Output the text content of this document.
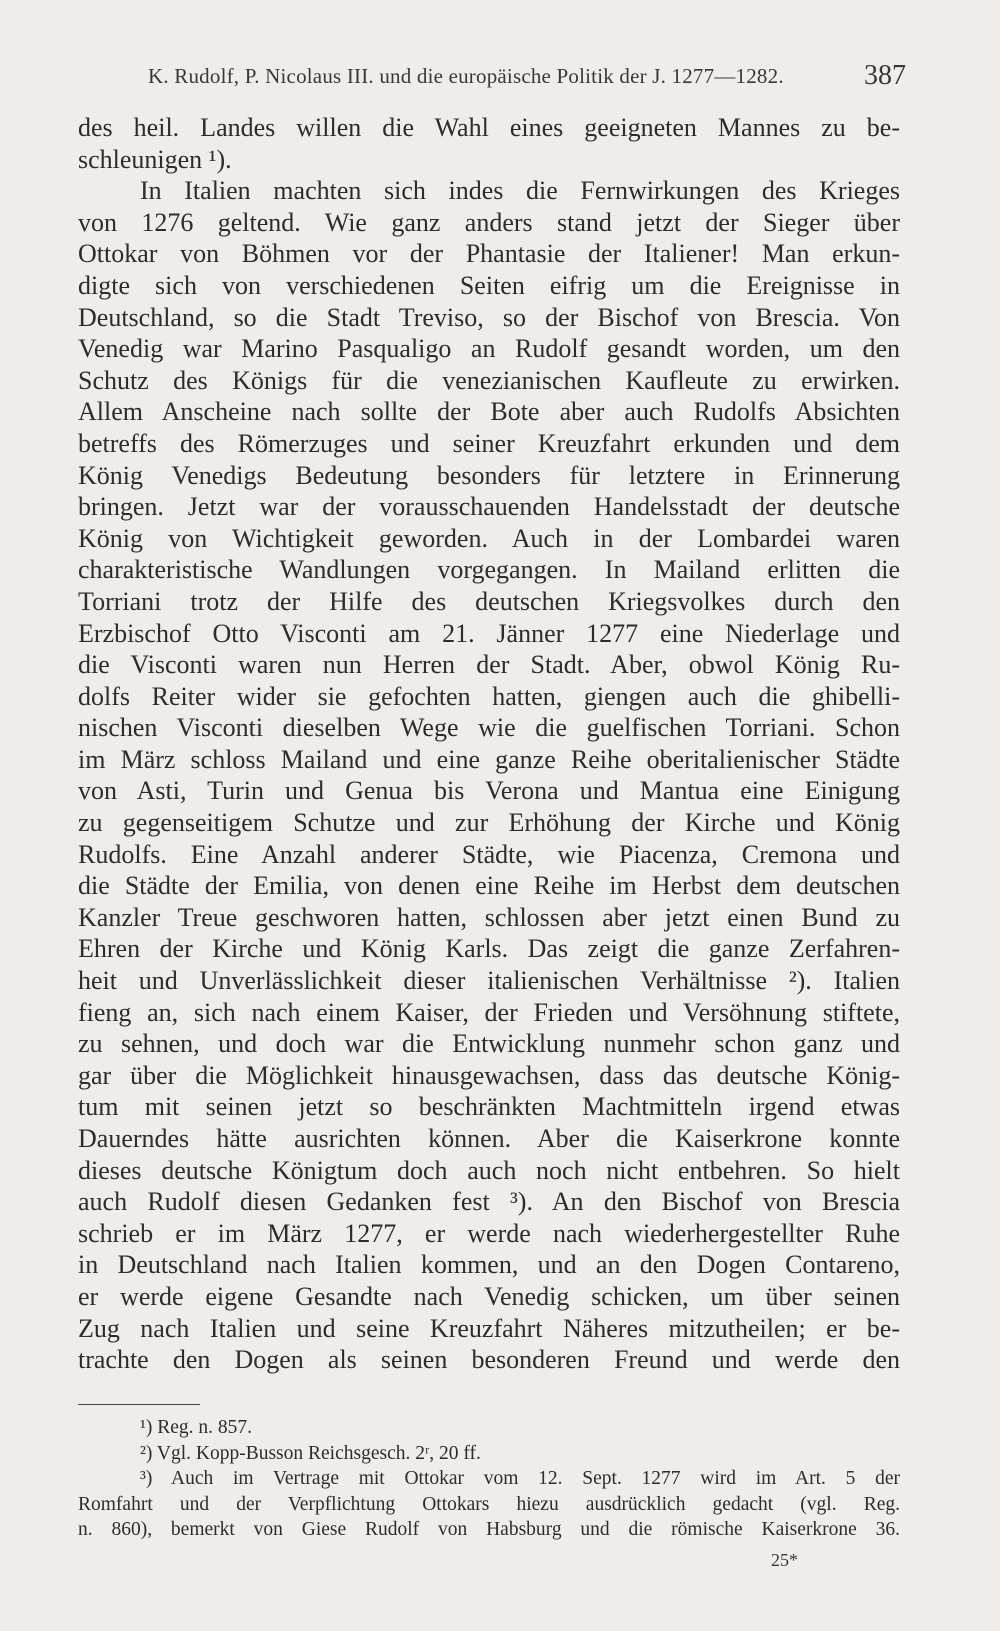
K. Rudolf, P. Nicolaus III. und die europäische Politik der J. 1277—1282.	387
des heil. Landes willen die Wahl eines geeigneten Mannes zu be-
schleunigen ¹).
In Italien machten sich indes die Fernwirkungen des Krieges
von 1276 geltend. Wie ganz anders stand jetzt der Sieger über
Ottokar von Böhmen vor der Phantasie der Italiener! Man erkun-
digte sich von verschiedenen Seiten eifrig um die Ereignisse in
Deutschland, so die Stadt Treviso, so der Bischof von Brescia. Von
Venedig war Marino Pasqualigo an Rudolf gesandt worden, um den
Schutz des Königs für die venezianischen Kaufleute zu erwirken.
Allem Anscheine nach sollte der Bote aber auch Rudolfs Absichten
betreffs des Römerzuges und seiner Kreuzfahrt erkunden und dem
König Venedigs Bedeutung besonders für letztere in Erinnerung
bringen. Jetzt war der vorausschauenden Handelsstadt der deutsche
König von Wichtigkeit geworden. Auch in der Lombardei waren
charakteristische Wandlungen vorgegangen. In Mailand erlitten die
Torriani trotz der Hilfe des deutschen Kriegsvolkes durch den
Erzbischof Otto Visconti am 21. Jänner 1277 eine Niederlage und
die Visconti waren nun Herren der Stadt. Aber, obwol König Ru-
dolfs Reiter wider sie gefochten hatten, giengen auch die ghibelli-
nischen Visconti dieselben Wege wie die guelfischen Torriani. Schon
im März schloss Mailand und eine ganze Reihe oberitalienischer Städte
von Asti, Turin und Genua bis Verona und Mantua eine Einigung
zu gegenseitigem Schutze und zur Erhöhung der Kirche und König
Rudolfs. Eine Anzahl anderer Städte, wie Piacenza, Cremona und
die Städte der Emilia, von denen eine Reihe im Herbst dem deutschen
Kanzler Treue geschworen hatten, schlossen aber jetzt einen Bund zu
Ehren der Kirche und König Karls. Das zeigt die ganze Zerfahren-
heit und Unverlässlichkeit dieser italienischen Verhältnisse ²). Italien
fieng an, sich nach einem Kaiser, der Frieden und Versöhnung stiftete,
zu sehnen, und doch war die Entwicklung nunmehr schon ganz und
gar über die Möglichkeit hinausgewachsen, dass das deutsche König-
tum mit seinen jetzt so beschränkten Machtmitteln irgend etwas
Dauerndes hätte ausrichten können. Aber die Kaiserkrone konnte
dieses deutsche Königtum doch auch noch nicht entbehren. So hielt
auch Rudolf diesen Gedanken fest ³). An den Bischof von Brescia
schrieb er im März 1277, er werde nach wiederhergestellter Ruhe
in Deutschland nach Italien kommen, und an den Dogen Contareno,
er werde eigene Gesandte nach Venedig schicken, um über seinen
Zug nach Italien und seine Kreuzfahrt Näheres mitzutheilen; er be-
trachte den Dogen als seinen besonderen Freund und werde den
¹) Reg. n. 857.
²) Vgl. Kopp-Busson Reichsgesch. 2ʳ, 20 ff.
³) Auch im Vertrage mit Ottokar vom 12. Sept. 1277 wird im Art. 5 der
Romfahrt und der Verpflichtung Ottokars hiezu ausdrücklich gedacht (vgl. Reg.
n. 860), bemerkt von Giese Rudolf von Habsburg und die römische Kaiserkrone 36.
25*
